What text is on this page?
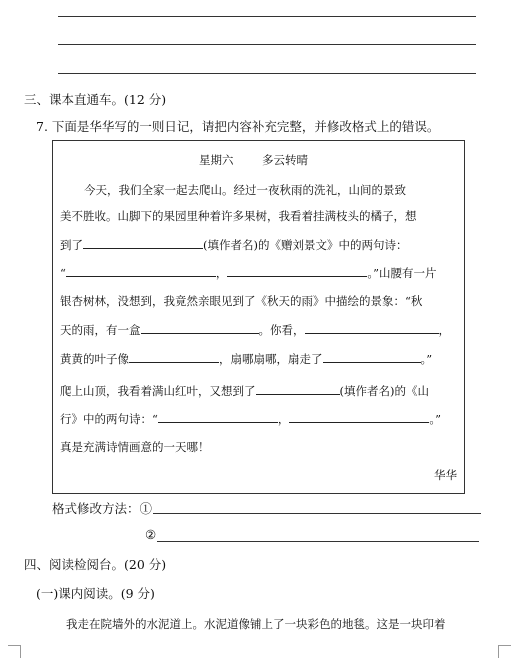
三、课本直通车。(12 分)
7. 下面是华华写的一则日记，请把内容补充完整，并修改格式上的错误。
星期六 多云转晴
今天，我们全家一起去爬山。经过一夜秋雨的洗礼，山间的景致
美不胜收。山脚下的果园里种着许多果树，我看着挂满枝头的橘子，想
到了	(填作者名)的《赠刘景文》中的两句诗：
“	，	。”山腰有一片
银杏树林，没想到，我竟然亲眼见到了《秋天的雨》中描绘的景象：“秋
天的雨，有一盒	。你看，	，
黄黄的叶子像	，扇哪扇哪，扇走了	。”
爬上山顶，我看着满山红叶，又想到了	(填作者名)的《山
行》中的两句诗：“	，	。”
真是充满诗情画意的一天哪！
华华
格式修改方法：①
②
四、阅读检阅台。(20 分)
(一)课内阅读。(9 分)
我走在院墙外的水泥道上。水泥道像铺上了一块彩色的地毯。这是一块印着
